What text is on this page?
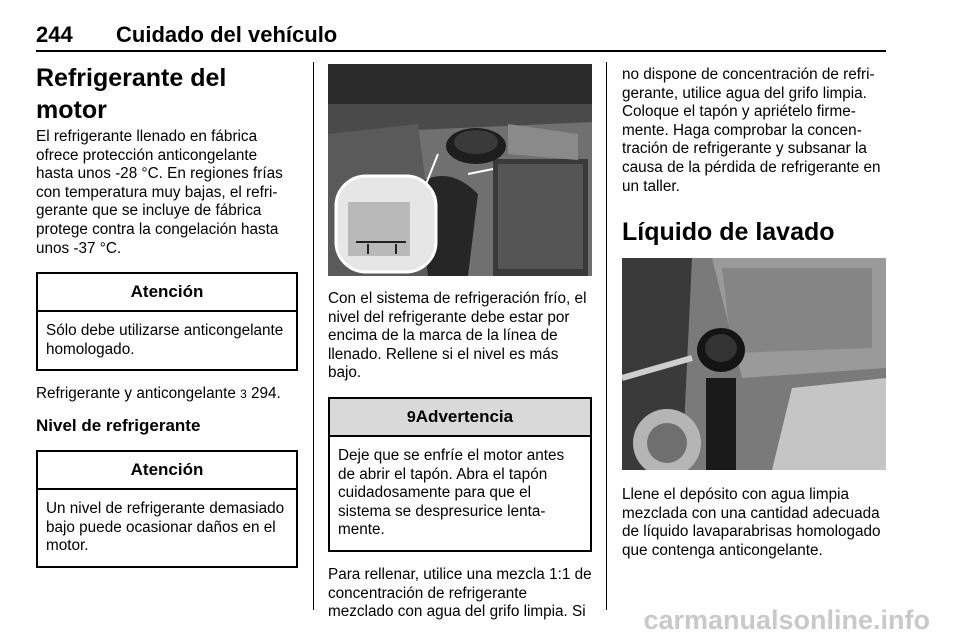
244 Cuidado del vehículo
Refrigerante del motor

El refrigerante llenado en fábrica ofrece protección anticongelante hasta unos -28 °C. En regiones frías con temperatura muy bajas, el refrigerante que se incluye de fábrica protege contra la congelación hasta unos -37 °C.

Atención
Sólo debe utilizarse anticongelante homologado.

Refrigerante y anticongelante 3 294.

Nivel de refrigerante
Atención
Un nivel de refrigerante demasiado bajo puede ocasionar daños en el motor.

Con el sistema de refrigeración frío, el nivel del refrigerante debe estar por encima de la marca de la línea de llenado. Rellene si el nivel es más bajo.

9Advertencia
Deje que se enfríe el motor antes de abrir el tapón. Abra el tapón cuidadosamente para que el sistema se despresurice lentamente.

Para rellenar, utilice una mezcla 1:1 de concentración de refrigerante mezclado con agua del grifo limpia. Si

no dispone de concentración de refrigerante, utilice agua del grifo limpia. Coloque el tapón y apriételo firmemente. Haga comprobar la concentración de refrigerante y subsanar la causa de la pérdida de refrigerante en un taller.

Líquido de lavado

Llene el depósito con agua limpia mezclada con una cantidad adecuada de líquido lavaparabrisas homologado que contenga anticongelante.

carmanualsonline.info
